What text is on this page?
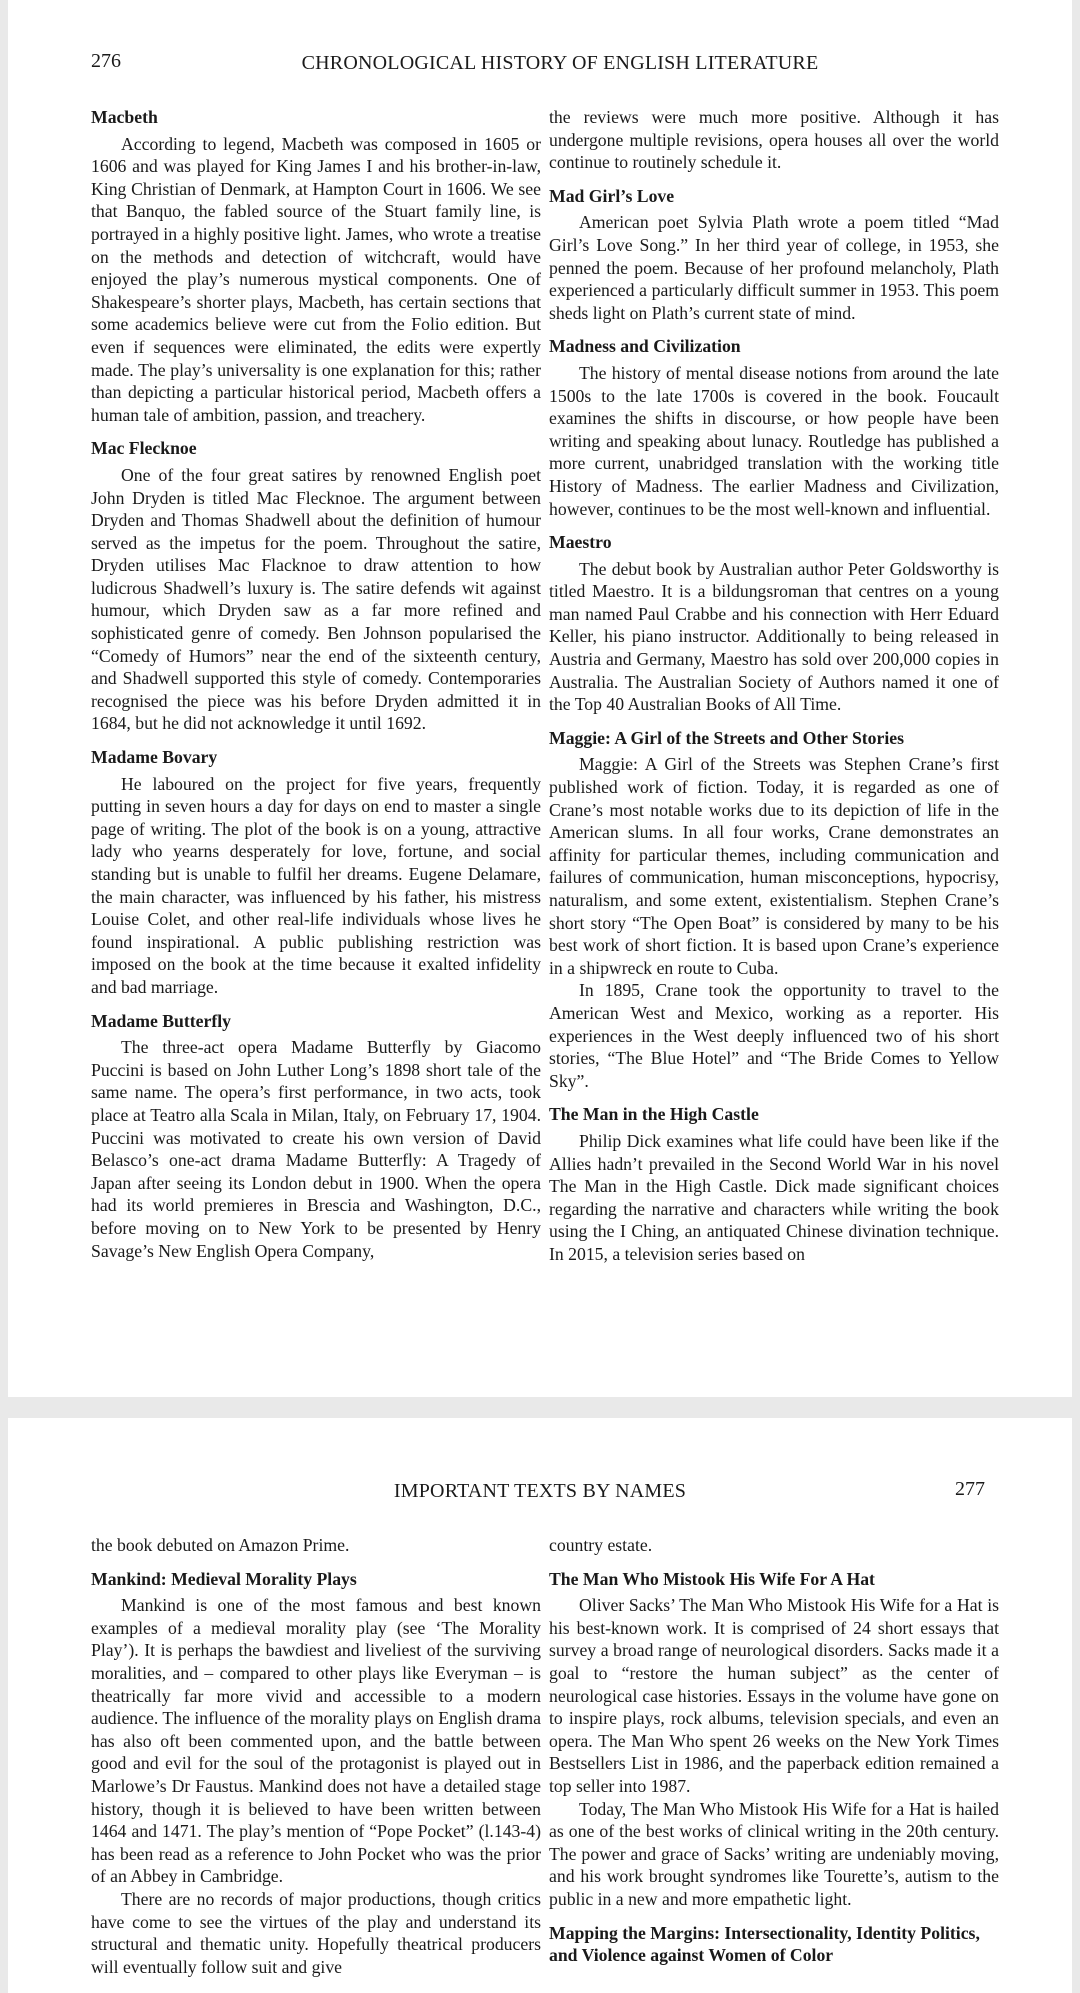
276	CHRONOLOGICAL HISTORY OF ENGLISH LITERATURE
Macbeth

According to legend, Macbeth was composed in 1605 or 1606 and was played for King James I and his brother-in-law, King Christian of Denmark, at Hampton Court in 1606. We see that Banquo, the fabled source of the Stuart family line, is portrayed in a highly positive light. James, who wrote a treatise on the methods and detection of witchcraft, would have enjoyed the play’s numerous mystical components. One of Shakespeare’s shorter plays, Macbeth, has certain sections that some academics believe were cut from the Folio edition. But even if sequences were eliminated, the edits were expertly made. The play’s universality is one explanation for this; rather than depicting a particular historical period, Macbeth offers a human tale of ambition, passion, and treachery.

Mac Flecknoe

One of the four great satires by renowned English poet John Dryden is titled Mac Flecknoe. The argument between Dryden and Thomas Shadwell about the definition of humour served as the impetus for the poem. Throughout the satire, Dryden utilises Mac Flacknoe to draw attention to how ludicrous Shadwell’s luxury is. The satire defends wit against humour, which Dryden saw as a far more refined and sophisticated genre of comedy. Ben Johnson popularised the “Comedy of Humors” near the end of the sixteenth century, and Shadwell supported this style of comedy. Contemporaries recognised the piece was his before Dryden admitted it in 1684, but he did not acknowledge it until 1692.

Madame Bovary

He laboured on the project for five years, frequently putting in seven hours a day for days on end to master a single page of writing. The plot of the book is on a young, attractive lady who yearns desperately for love, fortune, and social standing but is unable to fulfil her dreams. Eugene Delamare, the main character, was influenced by his father, his mistress Louise Colet, and other real-life individuals whose lives he found inspirational. A public publishing restriction was imposed on the book at the time because it exalted infidelity and bad marriage.

Madame Butterfly

The three-act opera Madame Butterfly by Giacomo Puccini is based on John Luther Long’s 1898 short tale of the same name. The opera’s first performance, in two acts, took place at Teatro alla Scala in Milan, Italy, on February 17, 1904. Puccini was motivated to create his own version of David Belasco’s one-act drama Madame Butterfly: A Tragedy of Japan after seeing its London debut in 1900. When the opera had its world premieres in Brescia and Washington, D.C., before moving on to New York to be presented by Henry Savage’s New English Opera Company,

the reviews were much more positive. Although it has undergone multiple revisions, opera houses all over the world continue to routinely schedule it.

Mad Girl’s Love

American poet Sylvia Plath wrote a poem titled “Mad Girl’s Love Song.” In her third year of college, in 1953, she penned the poem. Because of her profound melancholy, Plath experienced a particularly difficult summer in 1953. This poem sheds light on Plath’s current state of mind.

Madness and Civilization

The history of mental disease notions from around the late 1500s to the late 1700s is covered in the book. Foucault examines the shifts in discourse, or how people have been writing and speaking about lunacy. Routledge has published a more current, unabridged translation with the working title History of Madness. The earlier Madness and Civilization, however, continues to be the most well-known and influential.

Maestro

The debut book by Australian author Peter Goldsworthy is titled Maestro. It is a bildungsroman that centres on a young man named Paul Crabbe and his connection with Herr Eduard Keller, his piano instructor. Additionally to being released in Austria and Germany, Maestro has sold over 200,000 copies in Australia. The Australian Society of Authors named it one of the Top 40 Australian Books of All Time.

Maggie: A Girl of the Streets and Other Stories

Maggie: A Girl of the Streets was Stephen Crane’s first published work of fiction. Today, it is regarded as one of Crane’s most notable works due to its depiction of life in the American slums. In all four works, Crane demonstrates an affinity for particular themes, including communication and failures of communication, human misconceptions, hypocrisy, naturalism, and some extent, existentialism. Stephen Crane’s short story “The Open Boat” is considered by many to be his best work of short fiction. It is based upon Crane’s experience in a shipwreck en route to Cuba.

In 1895, Crane took the opportunity to travel to the American West and Mexico, working as a reporter. His experiences in the West deeply influenced two of his short stories, “The Blue Hotel” and “The Bride Comes to Yellow Sky”.

The Man in the High Castle

Philip Dick examines what life could have been like if the Allies hadn’t prevailed in the Second World War in his novel The Man in the High Castle. Dick made significant choices regarding the narrative and characters while writing the book using the I Ching, an antiquated Chinese divination technique. In 2015, a television series based on

IMPORTANT TEXTS BY NAMES	277

the book debuted on Amazon Prime.

Mankind: Medieval Morality Plays

Mankind is one of the most famous and best known examples of a medieval morality play (see ‘The Morality Play’). It is perhaps the bawdiest and liveliest of the surviving moralities, and – compared to other plays like Everyman – is theatrically far more vivid and accessible to a modern audience. The influence of the morality plays on English drama has also oft been commented upon, and the battle between good and evil for the soul of the protagonist is played out in Marlowe’s Dr Faustus. Mankind does not have a detailed stage history, though it is believed to have been written between 1464 and 1471. The play’s mention of “Pope Pocket” (l.143-4) has been read as a reference to John Pocket who was the prior of an Abbey in Cambridge.

There are no records of major productions, though critics have come to see the virtues of the play and understand its structural and thematic unity. Hopefully theatrical producers will eventually follow suit and give

country estate.

The Man Who Mistook His Wife For A Hat

Oliver Sacks’ The Man Who Mistook His Wife for a Hat is his best-known work. It is comprised of 24 short essays that survey a broad range of neurological disorders. Sacks made it a goal to “restore the human subject” as the center of neurological case histories. Essays in the volume have gone on to inspire plays, rock albums, television specials, and even an opera. The Man Who spent 26 weeks on the New York Times Bestsellers List in 1986, and the paperback edition remained a top seller into 1987.

Today, The Man Who Mistook His Wife for a Hat is hailed as one of the best works of clinical writing in the 20th century. The power and grace of Sacks’ writing are undeniably moving, and his work brought syndromes like Tourette’s, autism to the public in a new and more empathetic light.

Mapping the Margins: Intersectionality, Identity Politics, and Violence against Women of Color
